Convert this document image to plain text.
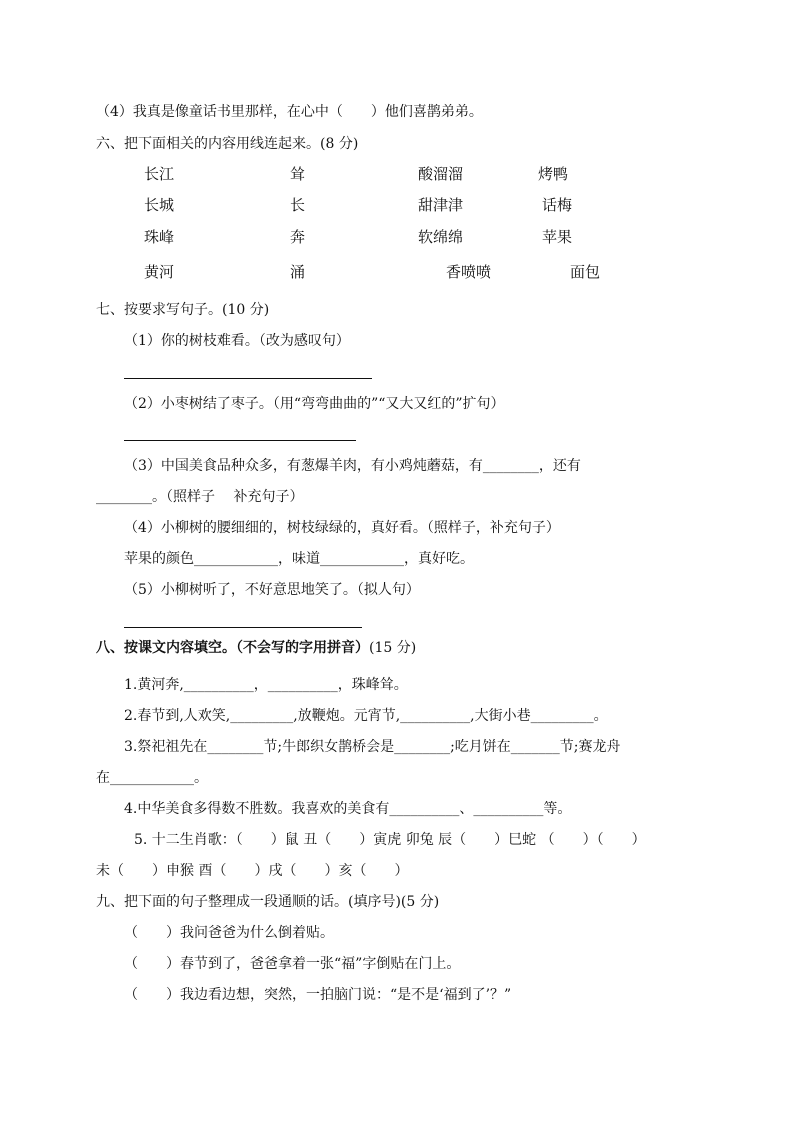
（4）我真是像童话书里那样，在心中（　　）他们喜鹊弟弟。
六、把下面相关的内容用线连起来。(8 分)
长江	耸	酸溜溜	烤鸭
长城	长	甜津津	话梅
珠峰	奔	软绵绵	苹果
黄河	涌	香喷喷	面包
七、按要求写句子。(10 分)
（1）你的树枝难看。（改为感叹句）
（2）小枣树结了枣子。（用“弯弯曲曲的”“又大又红的”扩句）
（3）中国美食品种众多，有葱爆羊肉，有小鸡炖蘑菇，有________，还有
________。（照样子　 补充句子）
（4）小柳树的腰细细的，树枝绿绿的，真好看。（照样子，补充句子）
苹果的颜色____________，味道____________，真好吃。
（5）小柳树听了，不好意思地笑了。（拟人句）
八、按课文内容填空。（不会写的字用拼音）(15 分)
1.黄河奔,__________，__________，珠峰耸。
2.春节到,人欢笑,_________,放鞭炮。元宵节,__________,大街小巷_________。
3.祭祀祖先在________节;牛郎织女鹊桥会是________;吃月饼在_______节;赛龙舟
在____________。
4.中华美食多得数不胜数。我喜欢的美食有__________、__________等。
5. 十二生肖歌：（　　）鼠 丑（　　）寅虎 卯兔 辰（　　）巳蛇 （　　）（　　）
未（　　）申猴 酉（　　）戌（　　）亥（　　）
九、把下面的句子整理成一段通顺的话。(填序号)(5 分)
（　　）我问爸爸为什么倒着贴。
（　　）春节到了，爸爸拿着一张“福”字倒贴在门上。
（　　）我边看边想，突然，一拍脑门说：“是不是‘福到了’？”
